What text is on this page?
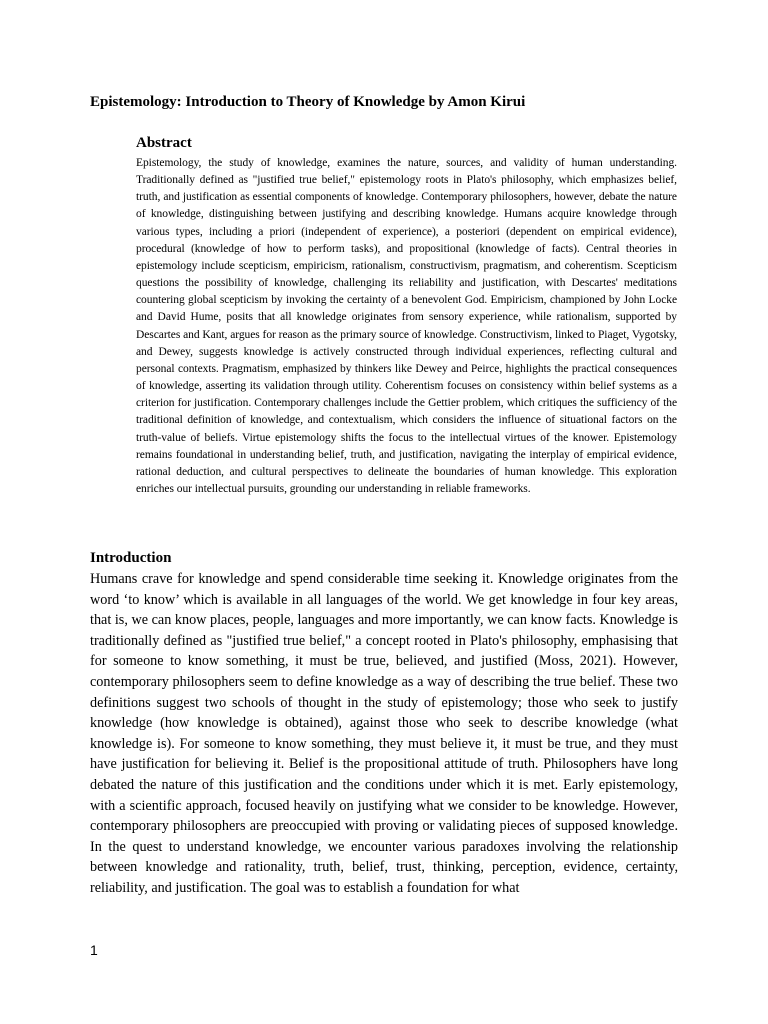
Epistemology: Introduction to Theory of Knowledge by Amon Kirui
Abstract

Epistemology, the study of knowledge, examines the nature, sources, and validity of human understanding. Traditionally defined as "justified true belief," epistemology roots in Plato's philosophy, which emphasizes belief, truth, and justification as essential components of knowledge. Contemporary philosophers, however, debate the nature of knowledge, distinguishing between justifying and describing knowledge. Humans acquire knowledge through various types, including a priori (independent of experience), a posteriori (dependent on empirical evidence), procedural (knowledge of how to perform tasks), and propositional (knowledge of facts). Central theories in epistemology include scepticism, empiricism, rationalism, constructivism, pragmatism, and coherentism. Scepticism questions the possibility of knowledge, challenging its reliability and justification, with Descartes' meditations countering global scepticism by invoking the certainty of a benevolent God. Empiricism, championed by John Locke and David Hume, posits that all knowledge originates from sensory experience, while rationalism, supported by Descartes and Kant, argues for reason as the primary source of knowledge. Constructivism, linked to Piaget, Vygotsky, and Dewey, suggests knowledge is actively constructed through individual experiences, reflecting cultural and personal contexts. Pragmatism, emphasized by thinkers like Dewey and Peirce, highlights the practical consequences of knowledge, asserting its validation through utility. Coherentism focuses on consistency within belief systems as a criterion for justification. Contemporary challenges include the Gettier problem, which critiques the sufficiency of the traditional definition of knowledge, and contextualism, which considers the influence of situational factors on the truth-value of beliefs. Virtue epistemology shifts the focus to the intellectual virtues of the knower. Epistemology remains foundational in understanding belief, truth, and justification, navigating the interplay of empirical evidence, rational deduction, and cultural perspectives to delineate the boundaries of human knowledge. This exploration enriches our intellectual pursuits, grounding our understanding in reliable frameworks.

Introduction

Humans crave for knowledge and spend considerable time seeking it. Knowledge originates from the word ‘to know’ which is available in all languages of the world. We get knowledge in four key areas, that is, we can know places, people, languages and more importantly, we can know facts. Knowledge is traditionally defined as "justified true belief," a concept rooted in Plato's philosophy, emphasising that for someone to know something, it must be true, believed, and justified (Moss, 2021). However, contemporary philosophers seem to define knowledge as a way of describing the true belief. These two definitions suggest two schools of thought in the study of epistemology; those who seek to justify knowledge (how knowledge is obtained), against those who seek to describe knowledge (what knowledge is). For someone to know something, they must believe it, it must be true, and they must have justification for believing it. Belief is the propositional attitude of truth. Philosophers have long debated the nature of this justification and the conditions under which it is met. Early epistemology, with a scientific approach, focused heavily on justifying what we consider to be knowledge. However, contemporary philosophers are preoccupied with proving or validating pieces of supposed knowledge. In the quest to understand knowledge, we encounter various paradoxes involving the relationship between knowledge and rationality, truth, belief, trust, thinking, perception, evidence, certainty, reliability, and justification. The goal was to establish a foundation for what

1
